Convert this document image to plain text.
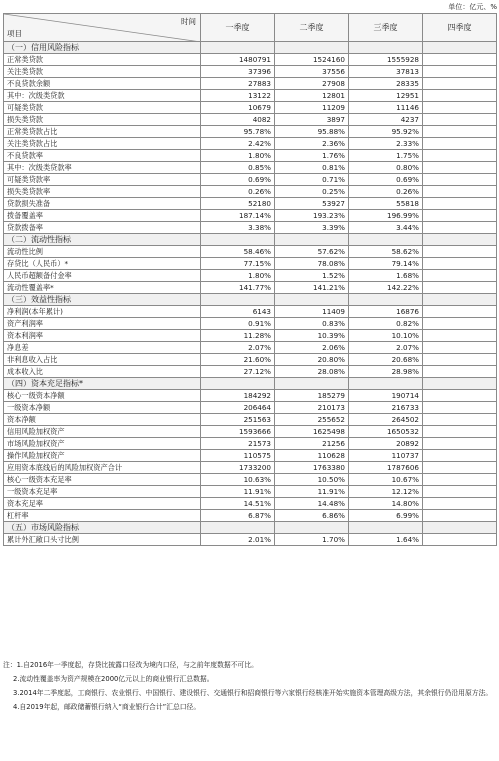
单位：亿元、%
时间
项目	一季度	二季度	三季度	四季度
（一）信用风险指标				
正常类贷款	1480791	1524160	1555928	
关注类贷款	37396	37556	37813	
不良贷款余额	27883	27908	28335	
其中：次级类贷款	13122	12801	12951	
可疑类贷款	10679	11209	11146	
损失类贷款	4082	3897	4237	
正常类贷款占比	95.78%	95.88%	95.92%	
关注类贷款占比	2.42%	2.36%	2.33%	
不良贷款率	1.80%	1.76%	1.75%	
其中：次级类贷款率	0.85%	0.81%	0.80%	
可疑类贷款率	0.69%	0.71%	0.69%	
损失类贷款率	0.26%	0.25%	0.26%	
贷款损失准备	52180	53927	55818	
拨备覆盖率	187.14%	193.23%	196.99%	
贷款拨备率	3.38%	3.39%	3.44%	
（二）流动性指标				
流动性比例	58.46%	57.62%	58.62%	
存贷比（人民币）*	77.15%	78.08%	79.14%	
人民币超额备付金率	1.80%	1.52%	1.68%	
流动性覆盖率*	141.77%	141.21%	142.22%	
（三）效益性指标				
净利润(本年累计)	6143	11409	16876	
资产利润率	0.91%	0.83%	0.82%	
资本利润率	11.28%	10.39%	10.10%	
净息差	2.07%	2.06%	2.07%	
非利息收入占比	21.60%	20.80%	20.68%	
成本收入比	27.12%	28.08%	28.98%	
（四）资本充足指标*				
核心一级资本净额	184292	185279	190714	
一级资本净额	206464	210173	216733	
资本净额	251563	255652	264502	
信用风险加权资产	1593666	1625498	1650532	
市场风险加权资产	21573	21256	20892	
操作风险加权资产	110575	110628	110737	
应用资本底线后的风险加权资产合计	1733200	1763380	1787606	
核心一级资本充足率	10.63%	10.50%	10.67%	
一级资本充足率	11.91%	11.91%	12.12%	
资本充足率	14.51%	14.48%	14.80%	
杠杆率	6.87%	6.86%	6.99%	
（五）市场风险指标				
累计外汇敞口头寸比例	2.01%	1.70%	1.64%	

注：1.自2016年一季度起，存贷比披露口径改为境内口径，与之前年度数据不可比。

2.流动性覆盖率为资产规模在2000亿元以上的商业银行汇总数据。

3.2014年二季度起，工商银行、农业银行、中国银行、建设银行、交通银行和招商银行等六家银行经核准开始实施资本管理高级方法，其余银行仍沿用原方法。

4.自2019年起，邮政储蓄银行纳入“商业银行合计”汇总口径。
